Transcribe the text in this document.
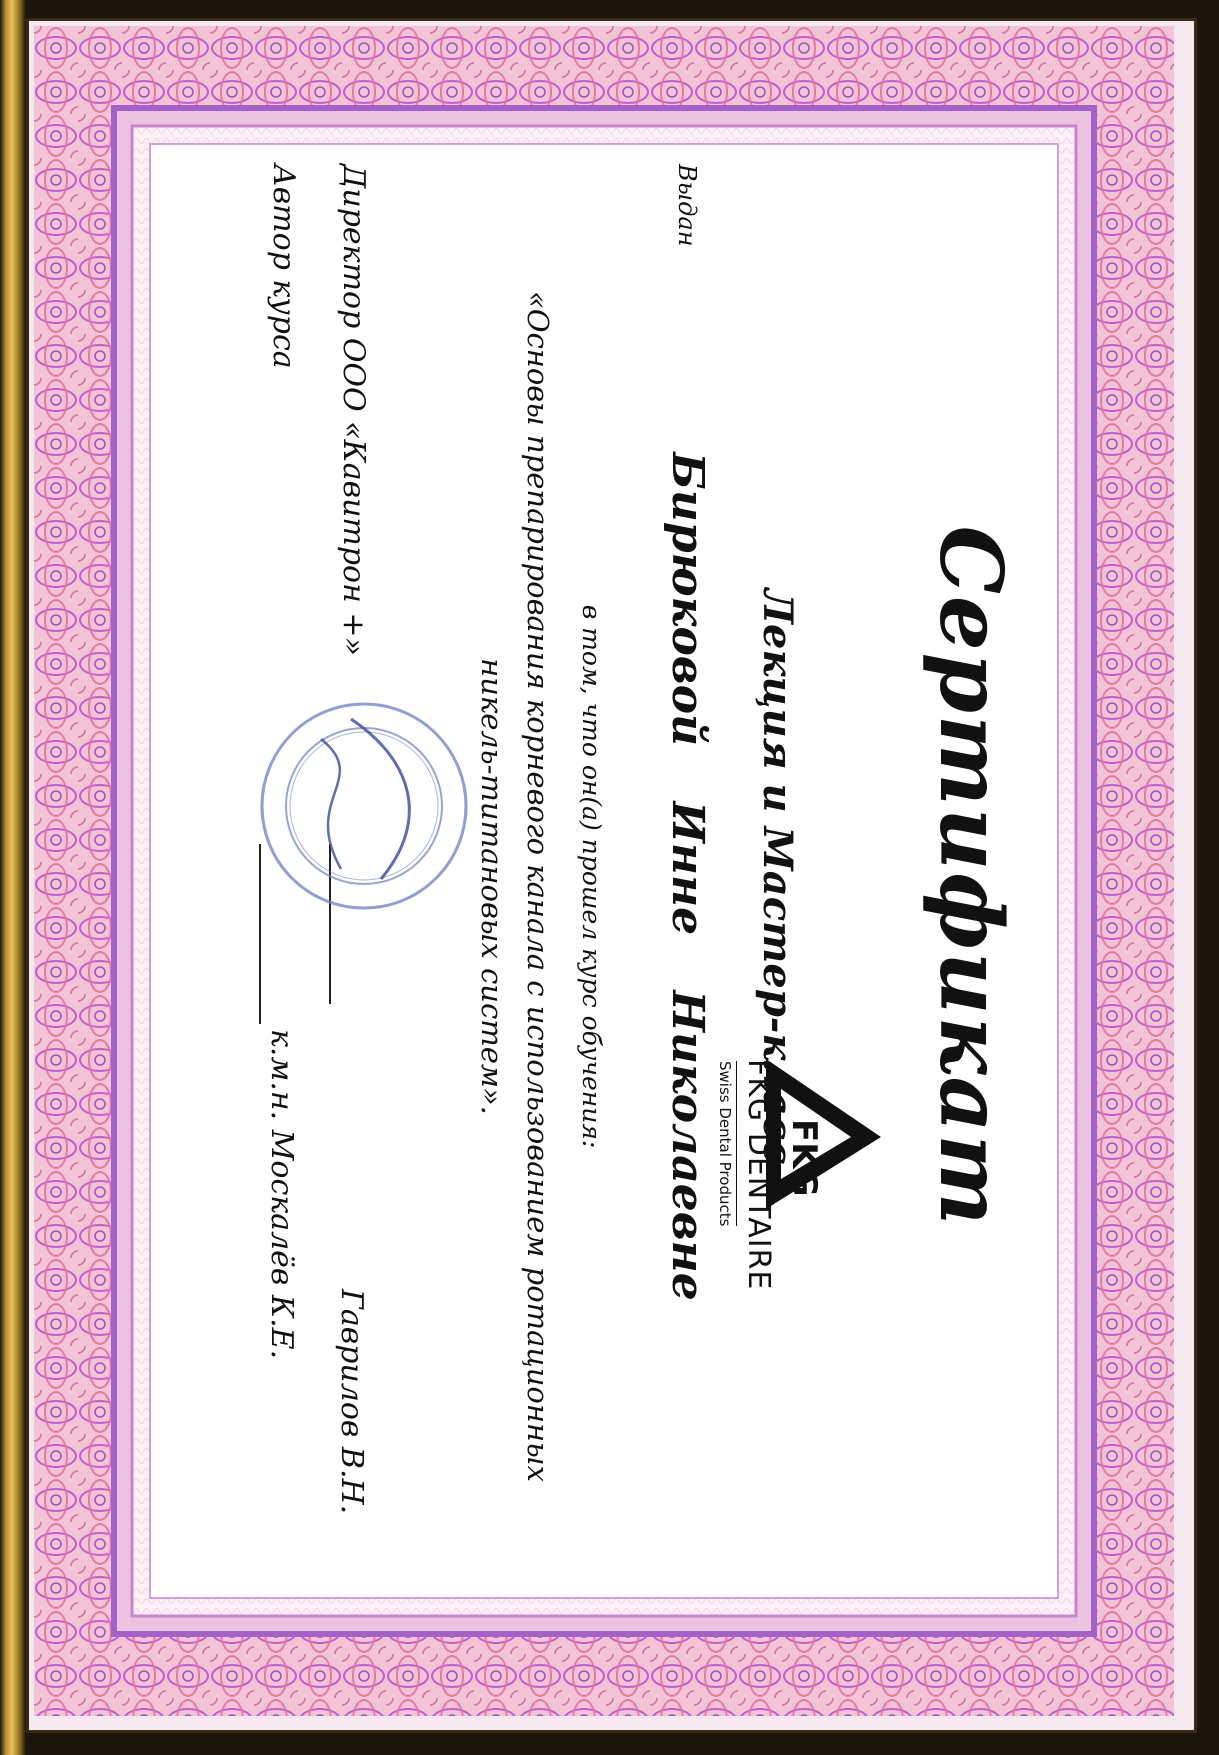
Сертификат
FKG
FKG DENTAIRE
Swiss Dental Products Лекция и Мастер-класс
Выдан
Бирюковой Инне Николаевне
в том, что он(а) прошел курс обучения:
«Основы препарирования корневого канала с использованием ротационных
никель-титановых систем».
Директор ООО «Кавитрон +»
Гаврилов В.Н.
Автор курса
к.м.н. Москалёв К.Е.
